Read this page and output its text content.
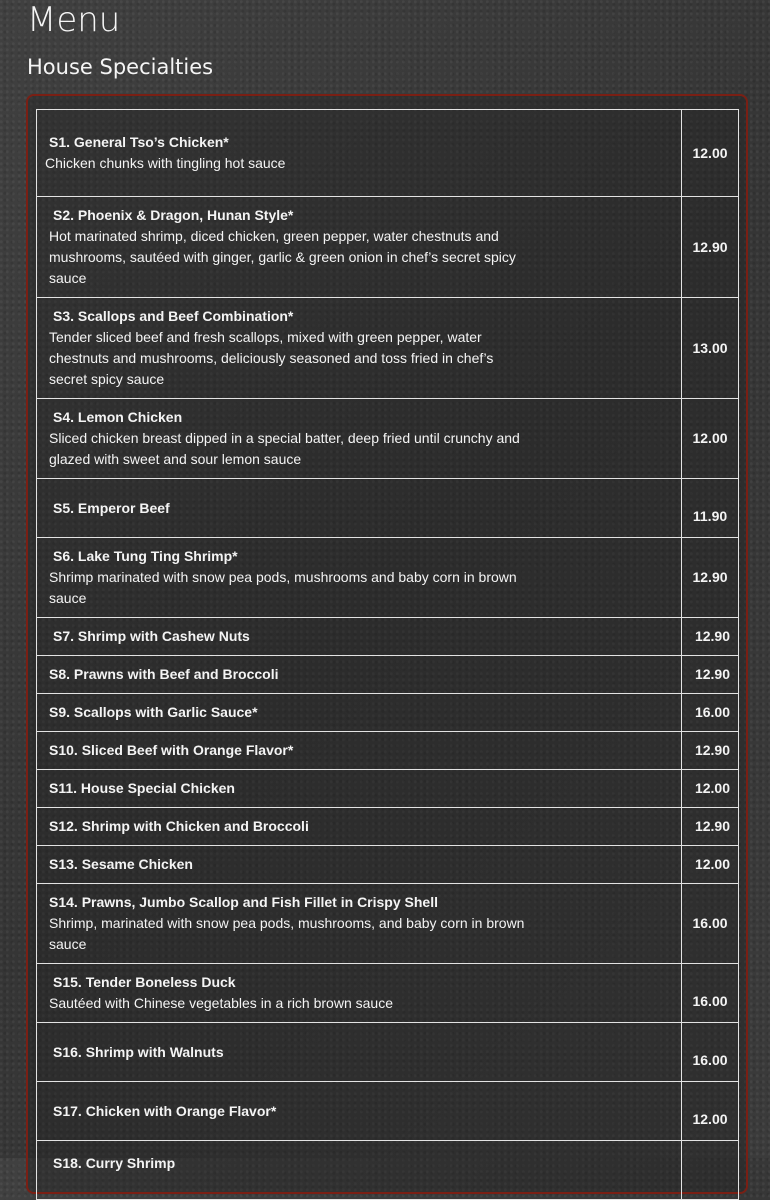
Menu
House Specialties
S1. General Tso’s Chicken*
Chicken chunks with tingling hot sauce	12.00

S2. Phoenix & Dragon, Hunan Style*
Hot marinated shrimp, diced chicken, green pepper, water chestnuts and mushrooms, sautéed with ginger, garlic & green onion in chef’s secret spicy sauce	12.90

S3. Scallops and Beef Combination*
Tender sliced beef and fresh scallops, mixed with green pepper, water chestnuts and mushrooms, deliciously seasoned and toss fried in chef’s secret spicy sauce	13.00

S4. Lemon Chicken
Sliced chicken breast dipped in a special batter, deep fried until crunchy and glazed with sweet and sour lemon sauce	12.00

S5. Emperor Beef	11.90

S6. Lake Tung Ting Shrimp*
Shrimp marinated with snow pea pods, mushrooms and baby corn in brown sauce	12.90

S7. Shrimp with Cashew Nuts	12.90

S8. Prawns with Beef and Broccoli	12.90

S9. Scallops with Garlic Sauce*	16.00

S10. Sliced Beef with Orange Flavor*	12.90

S11. House Special Chicken	12.00

S12. Shrimp with Chicken and Broccoli	12.90

S13. Sesame Chicken	12.00

S14. Prawns, Jumbo Scallop and Fish Fillet in Crispy Shell
Shrimp, marinated with snow pea pods, mushrooms, and baby corn in brown sauce	16.00

S15. Tender Boneless Duck
Sautéed with Chinese vegetables in a rich brown sauce	16.00

S16. Shrimp with Walnuts	16.00

S17. Chicken with Orange Flavor*	12.00

S18. Curry Shrimp	
